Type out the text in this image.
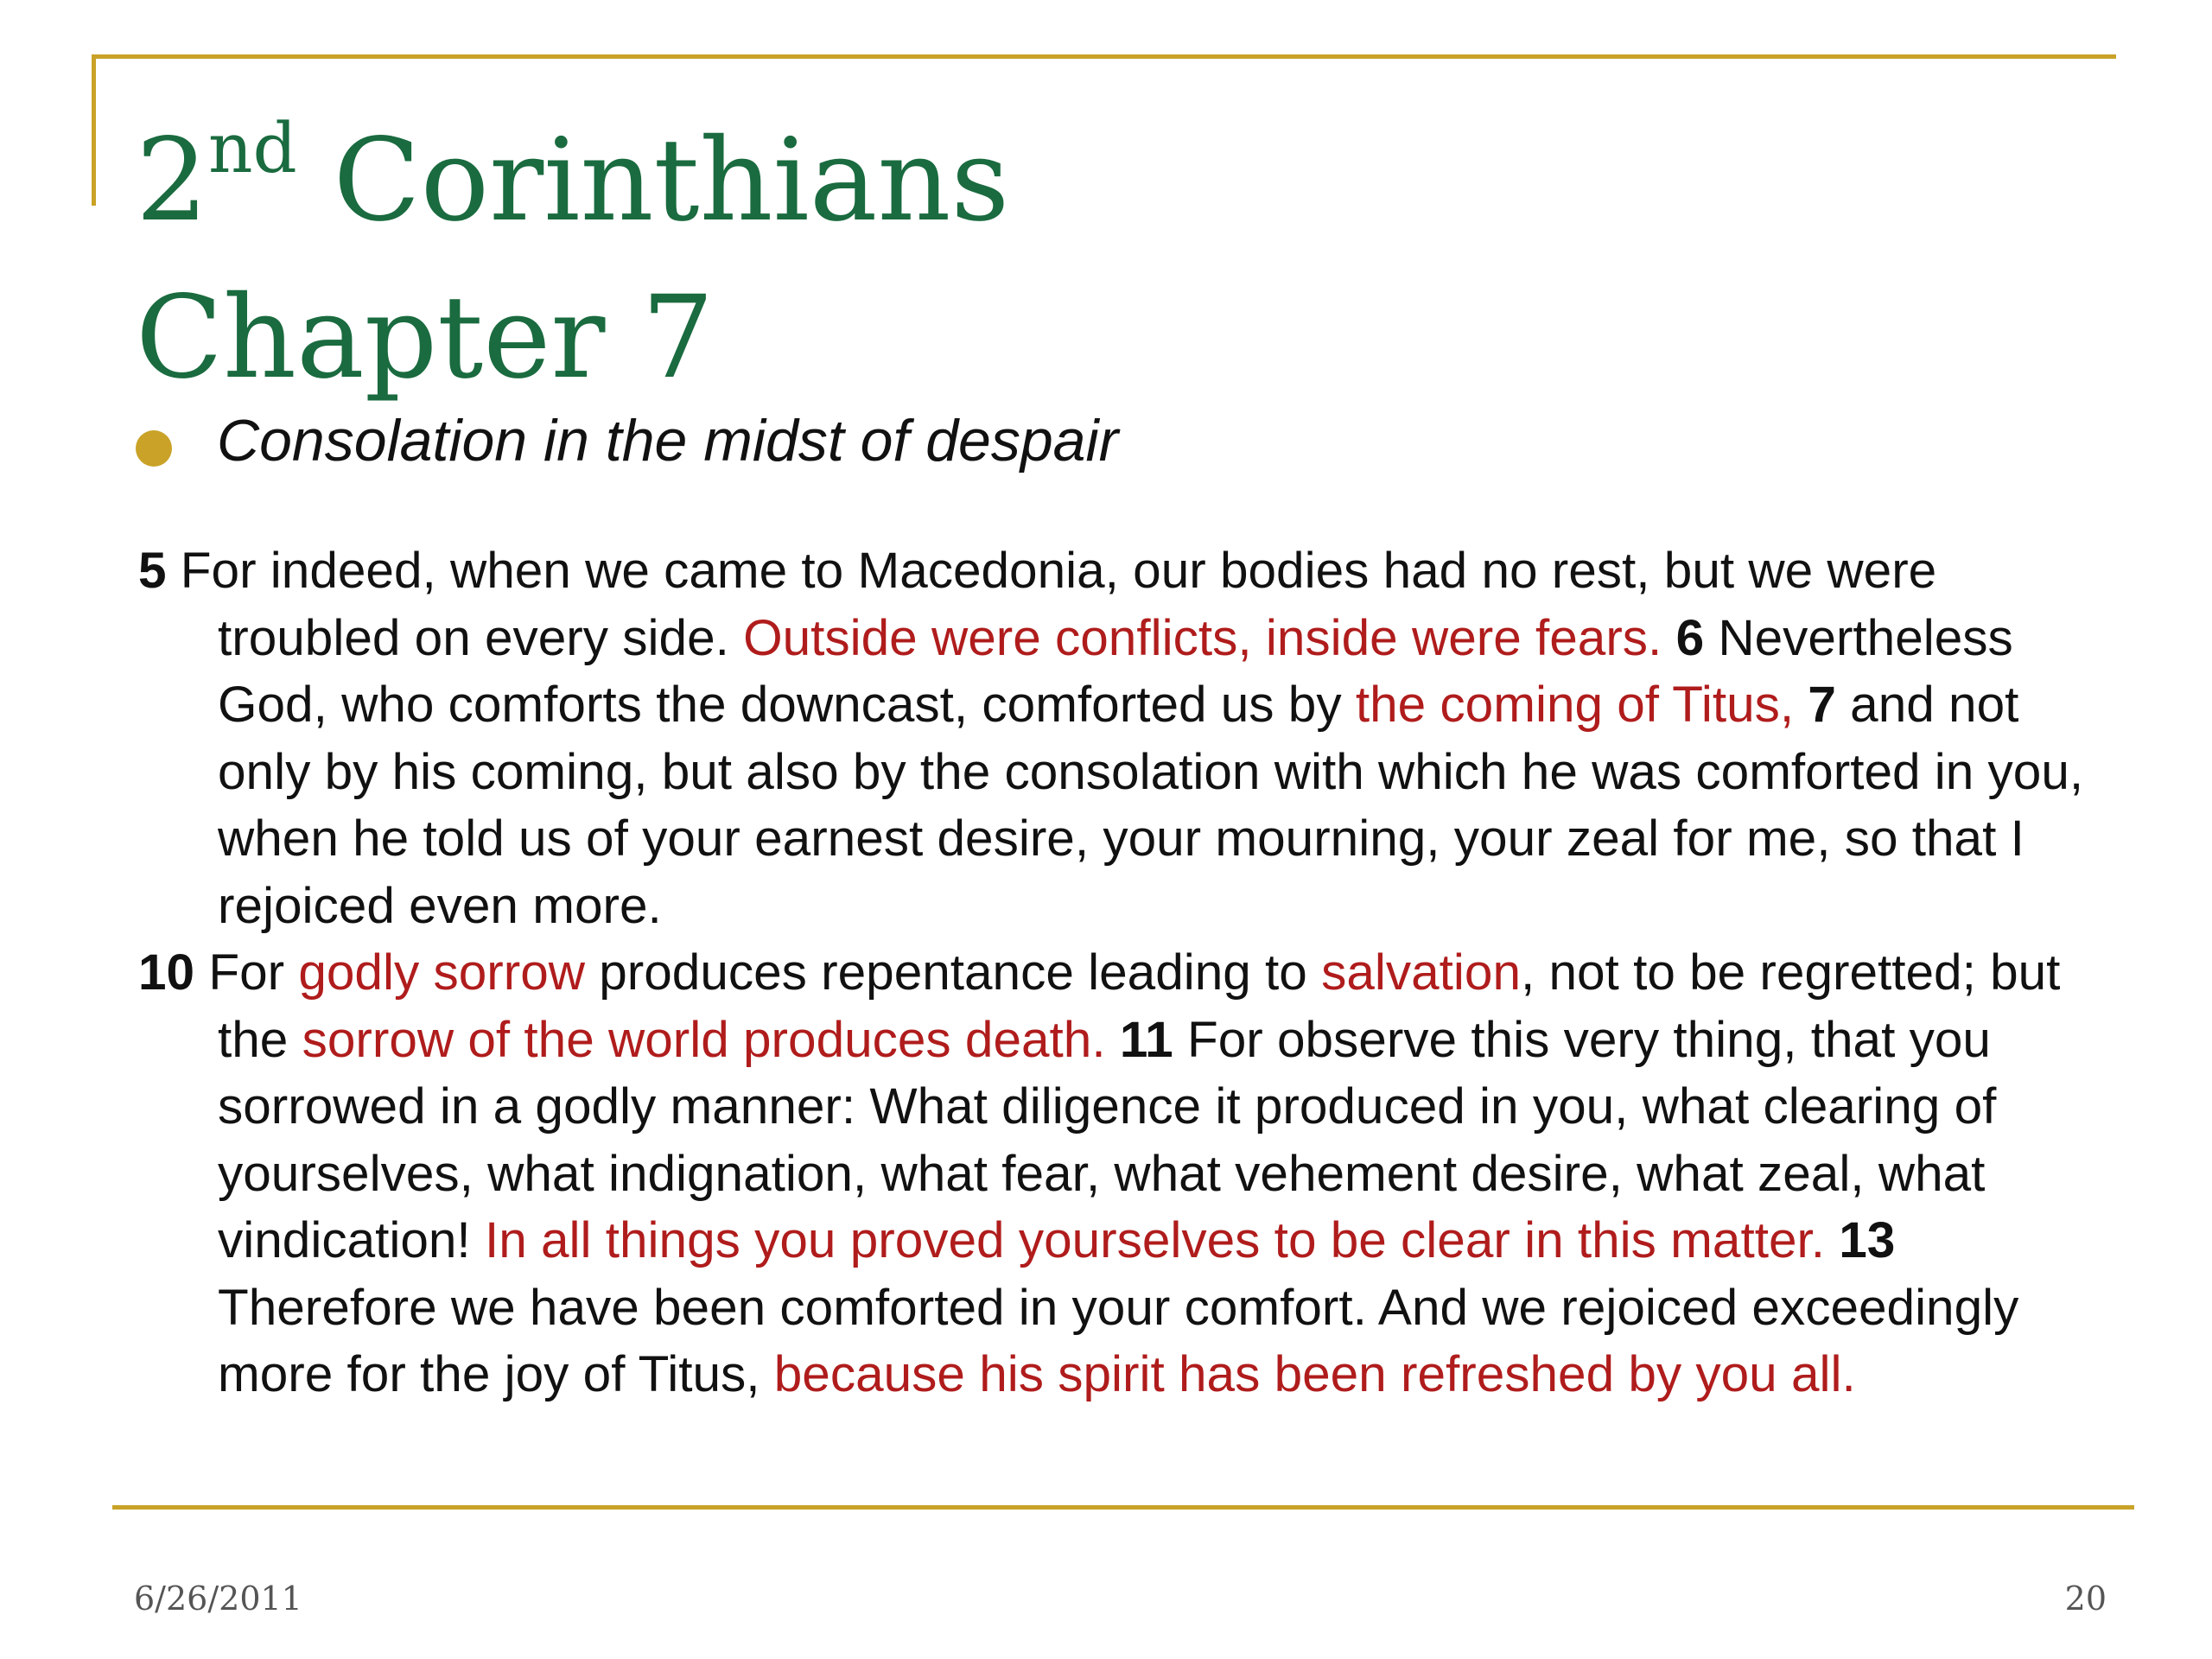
2nd Corinthians
Chapter 7
Consolation in the midst of despair

5 For indeed, when we came to Macedonia, our bodies had no rest, but we were troubled on every side. Outside were conflicts, inside were fears. 6 Nevertheless God, who comforts the downcast, comforted us by the coming of Titus, 7 and not only by his coming, but also by the consolation with which he was comforted in you, when he told us of your earnest desire, your mourning, your zeal for me, so that I rejoiced even more.

10 For godly sorrow produces repentance leading to salvation, not to be regretted; but the sorrow of the world produces death. 11 For observe this very thing, that you sorrowed in a godly manner: What diligence it produced in you, what clearing of yourselves, what indignation, what fear, what vehement desire, what zeal, what vindication! In all things you proved yourselves to be clear in this matter. 13 Therefore we have been comforted in your comfort. And we rejoiced exceedingly more for the joy of Titus, because his spirit has been refreshed by you all.

6/26/2011	20
